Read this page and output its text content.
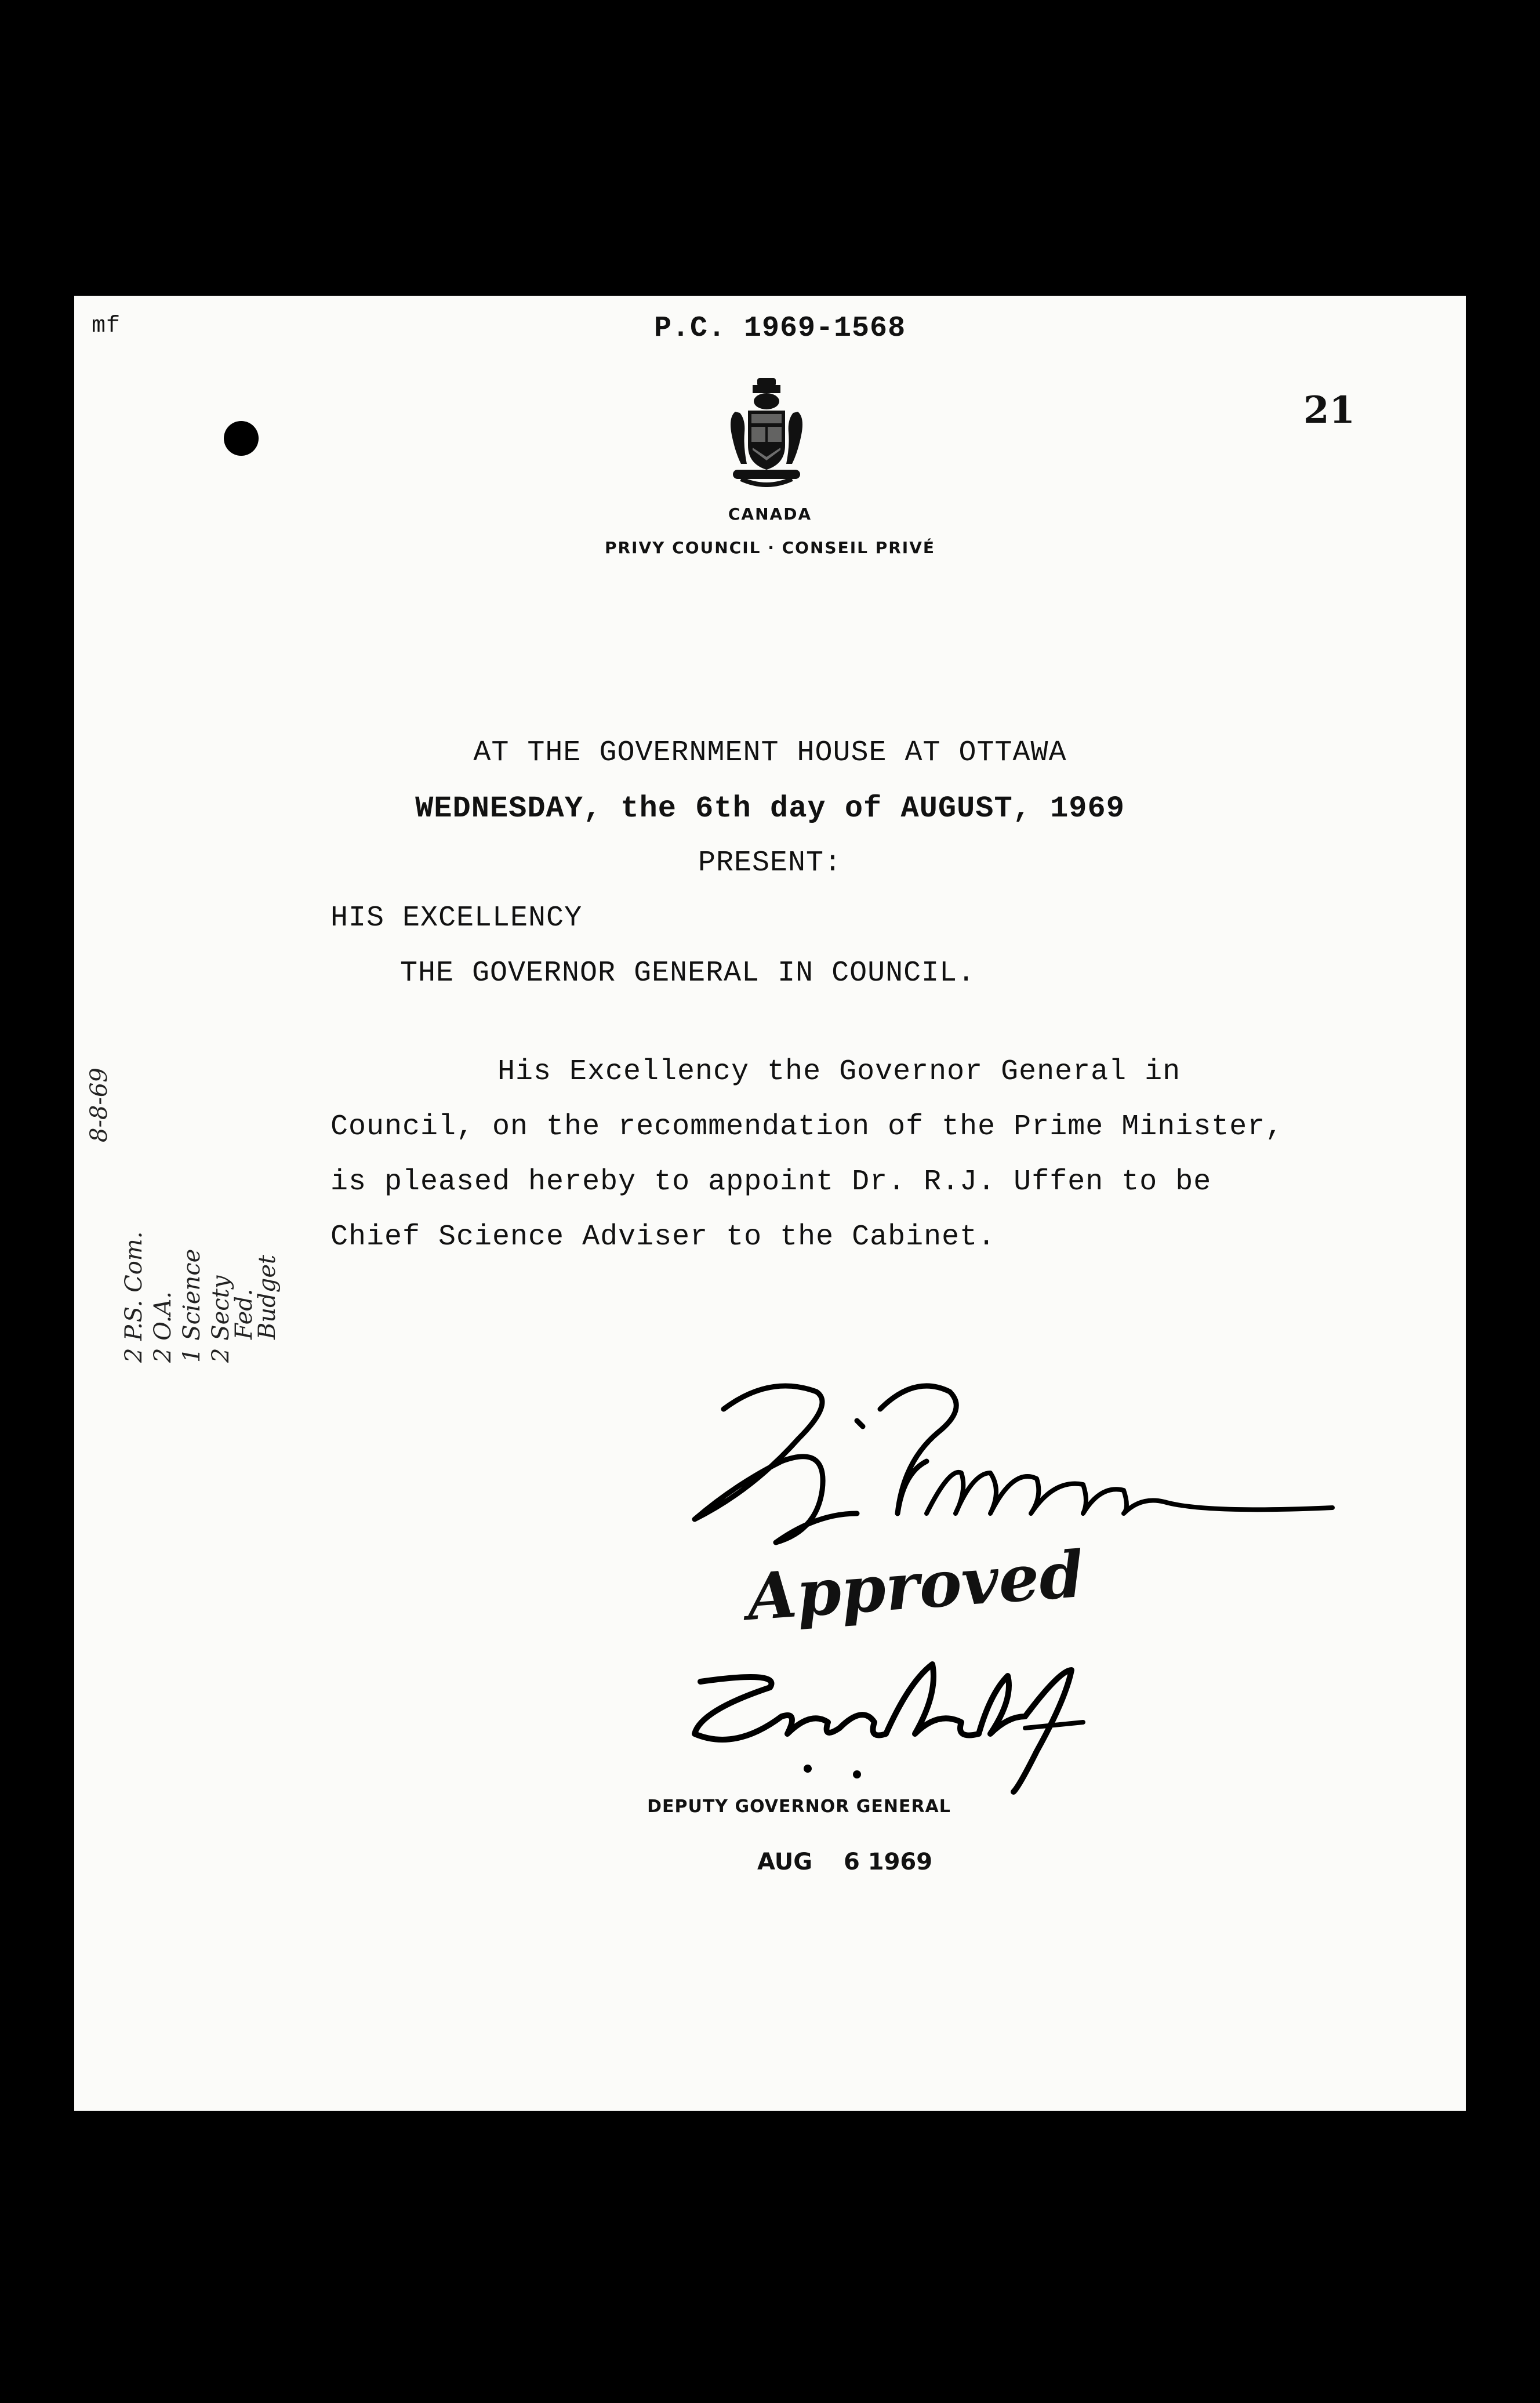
mf	P.C. 1969-1568
21
CANADA
PRIVY COUNCIL · CONSEIL PRIVÉ
AT THE GOVERNMENT HOUSE AT OTTAWA
WEDNESDAY, the 6th day of AUGUST, 1969
PRESENT:
HIS EXCELLENCY
THE GOVERNOR GENERAL IN COUNCIL.
His Excellency the Governor General in
Council, on the recommendation of the Prime Minister,
is pleased hereby to appoint Dr. R.J. Uffen to be
Chief Science Adviser to the Cabinet.
8-8-69
2 P.S. Com. 2 O.A. 1 Science 2 Secty
Fed.
Budget
Approved
DEPUTY GOVERNOR GENERAL
AUG 6 1969
